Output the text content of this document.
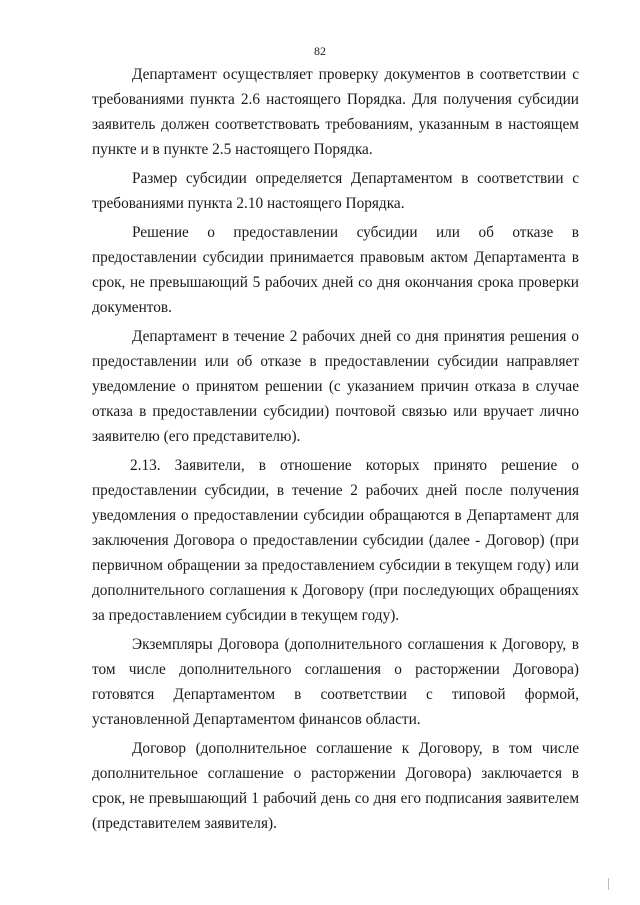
82

Департамент осуществляет проверку документов в соответствии с требованиями пункта 2.6 настоящего Порядка. Для получения субсидии заявитель должен соответствовать требованиям, указанным в настоящем пункте и в пункте 2.5 настоящего Порядка.

Размер субсидии определяется Департаментом в соответствии с требованиями пункта 2.10 настоящего Порядка.

Решение о предоставлении субсидии или об отказе в предоставлении субсидии принимается правовым актом Департамента в срок, не превышающий 5 рабочих дней со дня окончания срока проверки документов.

Департамент в течение 2 рабочих дней со дня принятия решения о предоставлении или об отказе в предоставлении субсидии направляет уведомление о принятом решении (с указанием причин отказа в случае отказа в предоставлении субсидии) почтовой связью или вручает лично заявителю (его представителю).

2.13. Заявители, в отношение которых принято решение о предоставлении субсидии, в течение 2 рабочих дней после получения уведомления о предоставлении субсидии обращаются в Департамент для заключения Договора о предоставлении субсидии (далее - Договор) (при первичном обращении за предоставлением субсидии в текущем году) или дополнительного соглашения к Договору (при последующих обращениях за предоставлением субсидии в текущем году).

Экземпляры Договора (дополнительного соглашения к Договору, в том числе дополнительного соглашения о расторжении Договора) готовятся Департаментом в соответствии с типовой формой, установленной Департаментом финансов области.

Договор (дополнительное соглашение к Договору, в том числе дополнительное соглашение о расторжении Договора) заключается в срок, не превышающий 1 рабочий день со дня его подписания заявителем (представителем заявителя).
